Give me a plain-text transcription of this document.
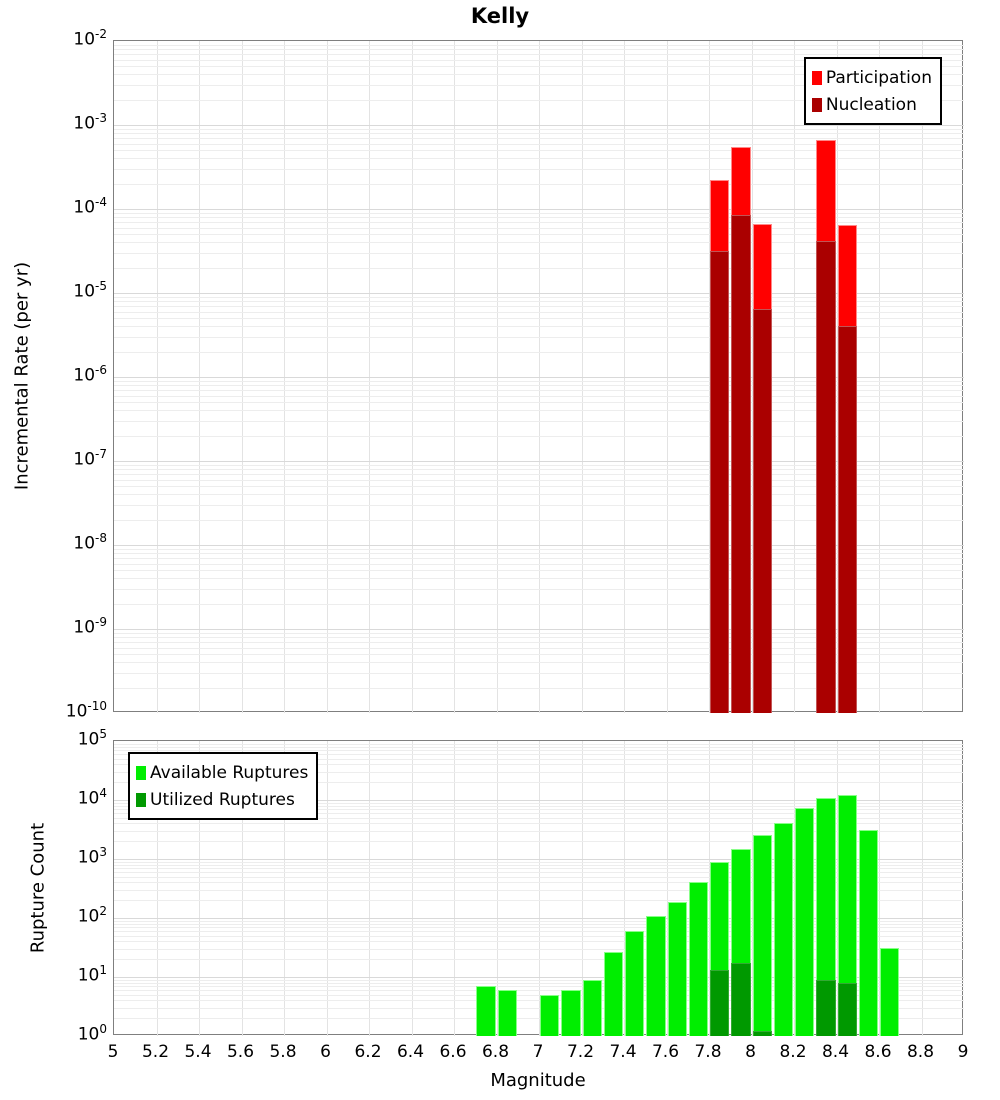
Kelly
Incremental Rate (per yr)
Rupture Count
Participation
Nucleation
Available Ruptures
Utilized Ruptures
Magnitude
$10^{-2}$
$10^{-3}$
$10^{-4}$
$10^{-5}$
$10^{-6}$
$10^{-7}$
$10^{-8}$
$10^{-9}$
$10^{-10}$
$10^5$
$10^4$
$10^3$
$10^2$
$10^1$
$10^0$
5	5.2 5.4 5.6 5.8	6	6.2 6.4 6.6 6.8	7	7.2 7.4 7.6 7.8	8	8.2 8.4 8.6 8.8	9
